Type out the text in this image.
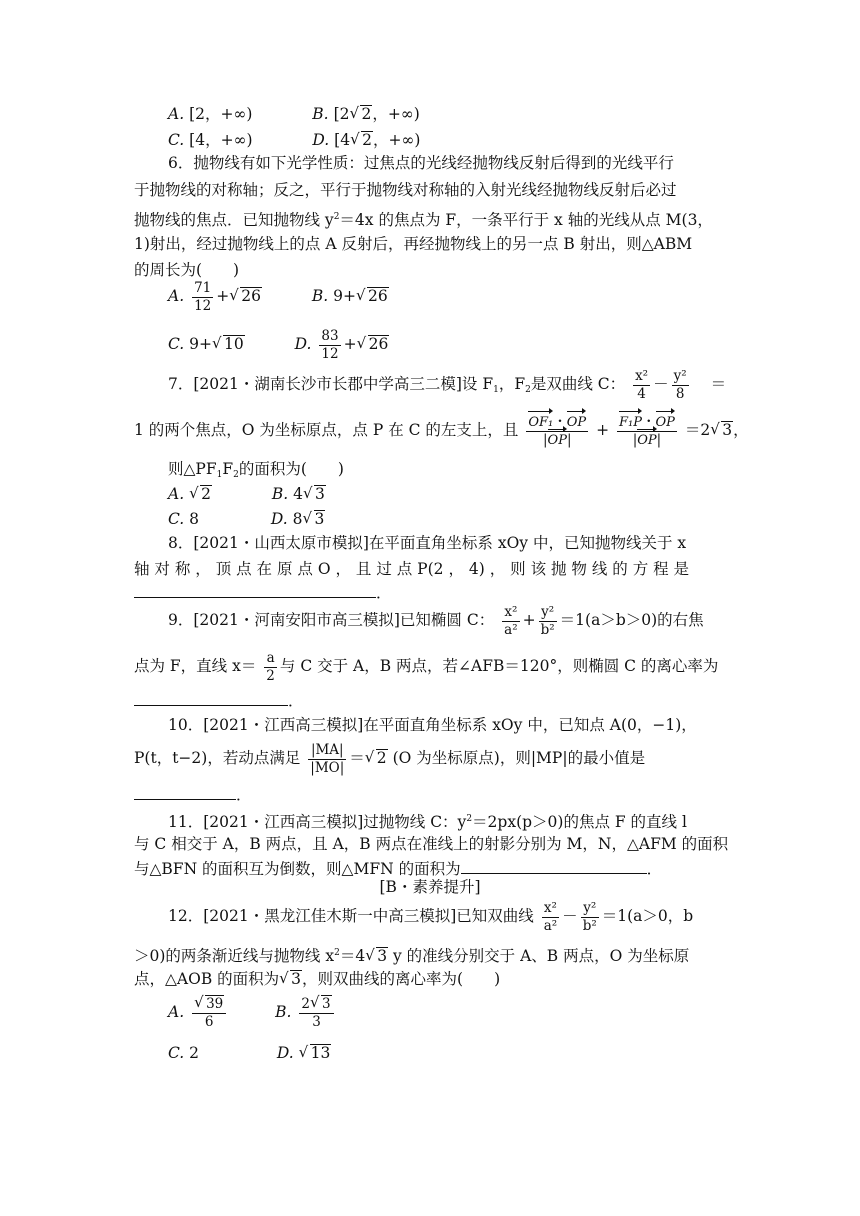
A. [2，+∞)	B. [2√ 2，+∞)
C. [4，+∞)	D. [4√ 2，+∞)
6．抛物线有如下光学性质：过焦点的光线经抛物线反射后得到的光线平行
于抛物线的对称轴；反之，平行于抛物线对称轴的入射光线经抛物线反射后必过
抛物线的焦点．已知抛物线 $y^2=4x$ 的焦点为 F，一条平行于 x 轴的光线从点 M(3，
1)射出，经过抛物线上的点 A 反射后，再经抛物线上的另一点 B 射出，则△ABM
的周长为(　　)
A. $\frac{71}{12}$ +√ 26	B. 9+√ 26
C. 9+√ 10	D. $\frac{83}{12}$ +√ 26
7．[2021・湖南长沙市长郡中学高三二模]设 $F_1$，$F_2$是双曲线 C： $\frac{\text{x²}}{4} - \frac{\text{y²}}{8}$ ＝
1 的两个焦点，O 为坐标原点，点 P 在 C 的左支上，且 $\frac{\text{OF₁・OP}}{|OP|} + \frac{\text{F₁P・OP}}{|OP|} =2√$ 3，
则$\triangle PF_1F_2$的面积为(　　)
A. √ 2	B. 4√ 3
C. 8	D. 8√ 3
8．[2021・山西太原市模拟]在平面直角坐标系 xOy 中，已知抛物线关于 x
轴 对 称 ， 顶 点 在 原 点 O ， 且 过 点 P(2 ， 4) ， 则 该 抛 物 线 的 方 程 是
．
9．[2021・河南安阳市高三模拟]已知椭圆 C： $\frac{\text{x²}}{\text{a²}} + \frac{\text{y²}}{\text{b²}} =1(a>b>0)$的右焦
点为 F，直线 $x= \frac{a}{2}$ 与 C 交于 A，B 两点，若∠AFB＝120°，则椭圆 C 的离心率为
．
10．[2021・江西高三模拟]在平面直角坐标系 xOy 中，已知点 A(0，−1)，
P(t，t−2)，若动点满足 $\frac{|MA|}{|MO|}$ ＝√ 2 (O 为坐标原点)，则|MP|的最小值是
．
11．[2021・江西高三模拟]过抛物线 C：$y^2=2px(p>0)$的焦点 F 的直线 l
与 C 相交于 A，B 两点，且 A，B 两点在准线上的射影分别为 M，N，△AFM 的面积
与△BFN 的面积互为倒数，则△MFN 的面积为	．
[B・素养提升]
12．[2021・黑龙江佳木斯一中高三模拟]已知双曲线 $\frac{\text{x²}}{\text{a²}} - \frac{\text{y²}}{\text{b²}} =1(a>0$，b
＞0)的两条渐近线与抛物线 $x^2=4√$ 3 y 的准线分别交于 A、B 两点，O 为坐标原
点，△AOB 的面积为√ 3，则双曲线的离心率为(　　)
A.
√ $\frac{39}{6}$	B. $\frac{2√ 3}{3}$
C. 2	D. √ 13
